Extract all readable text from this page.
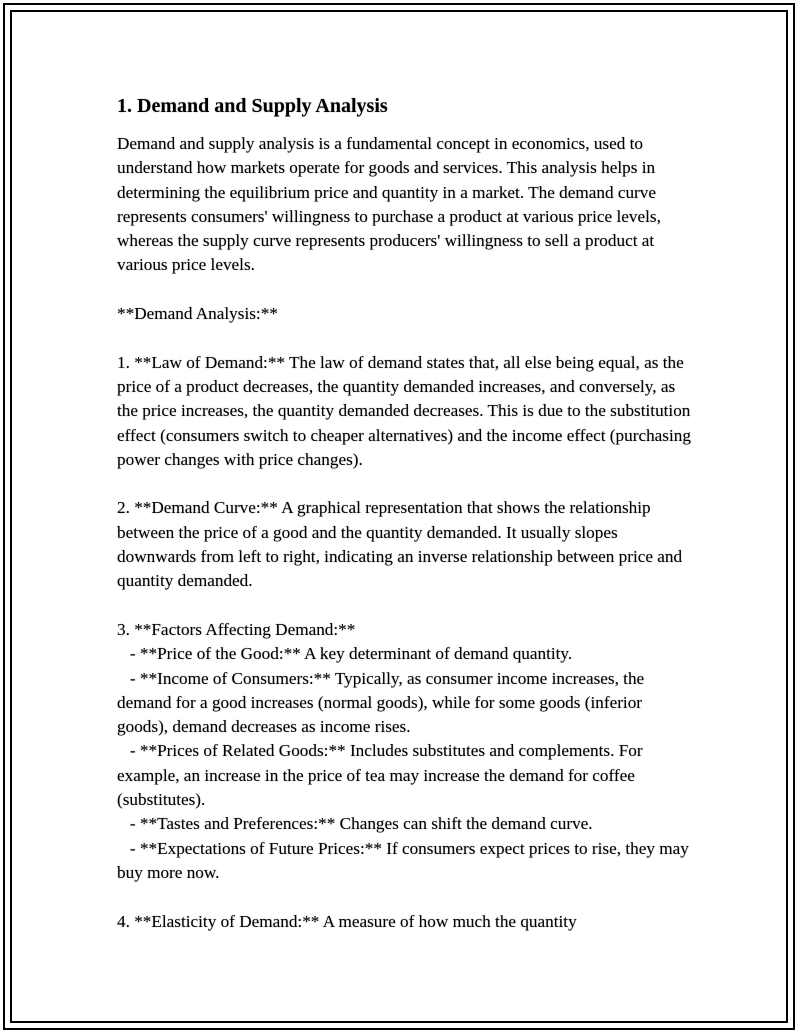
1. Demand and Supply Analysis
Demand and supply analysis is a fundamental concept in economics, used to understand how markets operate for goods and services. This analysis helps in determining the equilibrium price and quantity in a market. The demand curve represents consumers' willingness to purchase a product at various price levels, whereas the supply curve represents producers' willingness to sell a product at various price levels.
**Demand Analysis:**
1. **Law of Demand:** The law of demand states that, all else being equal, as the price of a product decreases, the quantity demanded increases, and conversely, as the price increases, the quantity demanded decreases. This is due to the substitution effect (consumers switch to cheaper alternatives) and the income effect (purchasing power changes with price changes).
2. **Demand Curve:** A graphical representation that shows the relationship between the price of a good and the quantity demanded. It usually slopes downwards from left to right, indicating an inverse relationship between price and quantity demanded.
3. **Factors Affecting Demand:**
- **Price of the Good:** A key determinant of demand quantity.
- **Income of Consumers:** Typically, as consumer income increases, the demand for a good increases (normal goods), while for some goods (inferior goods), demand decreases as income rises.
- **Prices of Related Goods:** Includes substitutes and complements. For example, an increase in the price of tea may increase the demand for coffee (substitutes).
- **Tastes and Preferences:** Changes can shift the demand curve.
- **Expectations of Future Prices:** If consumers expect prices to rise, they may buy more now.
4. **Elasticity of Demand:** A measure of how much the quantity
